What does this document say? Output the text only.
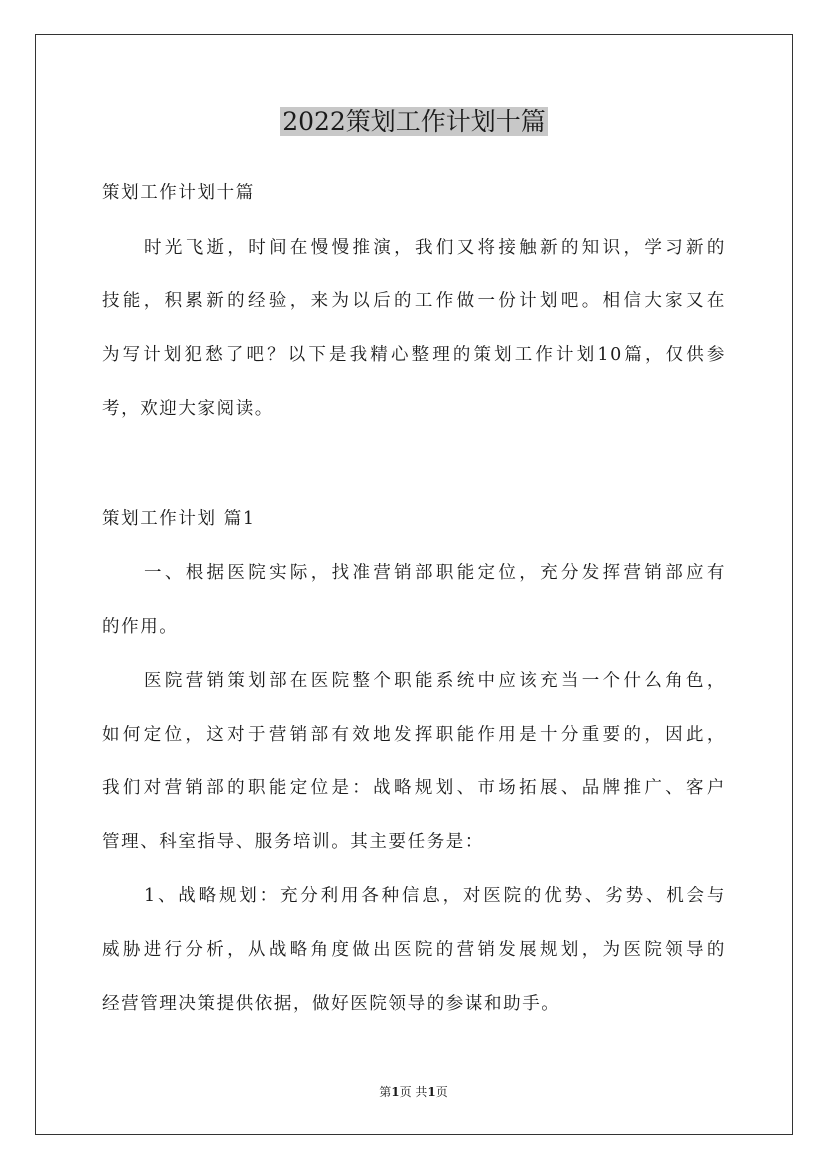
2022策划工作计划十篇
策划工作计划十篇
时光飞逝，时间在慢慢推演，我们又将接触新的知识，学习新的
技能，积累新的经验，来为以后的工作做一份计划吧。相信大家又在
为写计划犯愁了吧？以下是我精心整理的策划工作计划10篇，仅供参
考，欢迎大家阅读。
策划工作计划 篇1
一、根据医院实际，找准营销部职能定位，充分发挥营销部应有
的作用。
医院营销策划部在医院整个职能系统中应该充当一个什么角色，
如何定位，这对于营销部有效地发挥职能作用是十分重要的，因此，
我们对营销部的职能定位是：战略规划、市场拓展、品牌推广、客户
管理、科室指导、服务培训。其主要任务是：
1、战略规划：充分利用各种信息，对医院的优势、劣势、机会与
威胁进行分析，从战略角度做出医院的营销发展规划，为医院领导的
经营管理决策提供依据，做好医院领导的参谋和助手。
第1页 共1页
